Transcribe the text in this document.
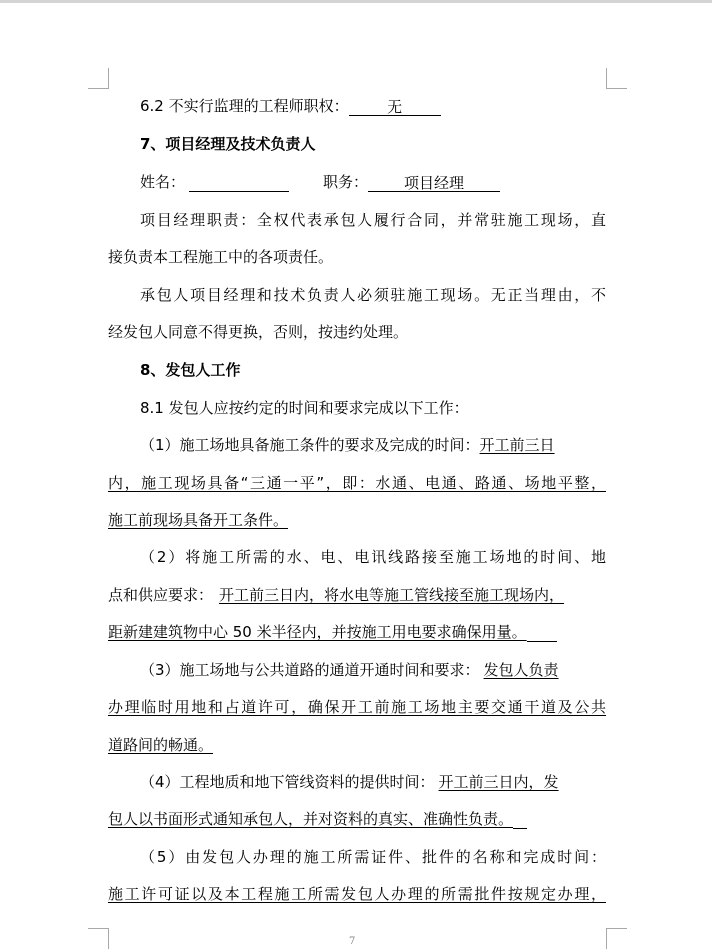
6.2 不实行监理的工程师职权：	无
7、项目经理及技术负责人
姓名：	职务： 项目经理
项目经理职责：全权代表承包人履行合同，并常驻施工现场，直
接负责本工程施工中的各项责任。
承包人项目经理和技术负责人必须驻施工现场。无正当理由，不
经发包人同意不得更换，否则，按违约处理。
8、发包人工作
8.1 发包人应按约定的时间和要求完成以下工作：
（1）施工场地具备施工条件的要求及完成的时间：开工前三日
内，施工现场具备“三通一平”，即：水通、电通、路通、场地平整，
施工前现场具备开工条件。
（2）将施工所需的水、电、电讯线路接至施工场地的时间、地
点和供应要求： 开工前三日内，将水电等施工管线接至施工现场内，
距新建建筑物中心 50 米半径内，并按施工用电要求确保用量。
（3）施工场地与公共道路的通道开通时间和要求： 发包人负责
办理临时用地和占道许可，确保开工前施工场地主要交通干道及公共
道路间的畅通。
（4）工程地质和地下管线资料的提供时间： 开工前三日内，发
包人以书面形式通知承包人，并对资料的真实、准确性负责。
（5）由发包人办理的施工所需证件、批件的名称和完成时间：
施工许可证以及本工程施工所需发包人办理的所需批件按规定办理，
7
